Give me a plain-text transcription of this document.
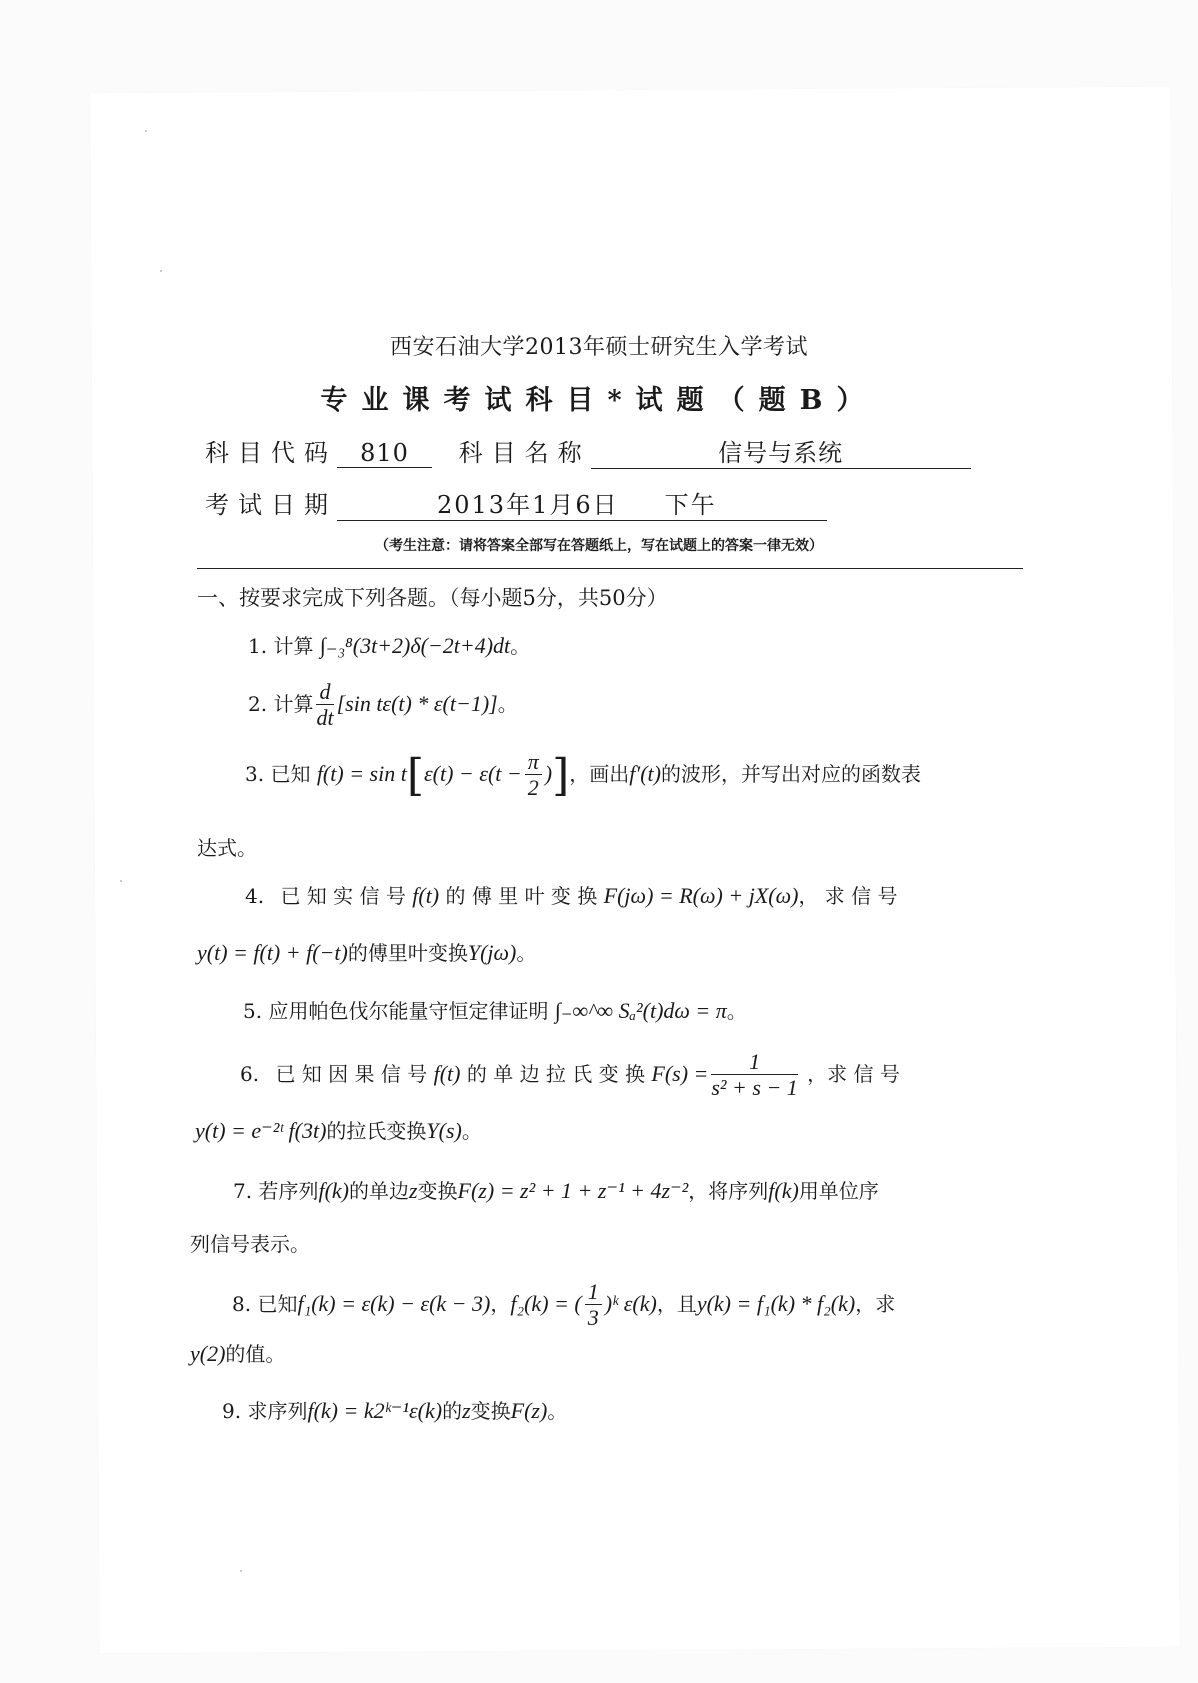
西安石油大学2013年硕士研究生入学考试
专业课考试科目*试题（题B）
科目代码 810 科目名称	信号与系统
考试日期	2013年1月6日 下午
（考生注意：请将答案全部写在答题纸上，写在试题上的答案一律无效）
一、按要求完成下列各题。（每小题5分，共50分）
1. 计算 ∫₋₃⁸(3t+2)δ(−2t+4)dt。
2. 计算 $\frac{d}{dt} [\sin$ tε(t) * ε(t−1)]。
3. 已知 $f(t) = \sin t[\varepsilon(t) - \varepsilon(t - \frac{\pi}{2}$ )]，画出f′(t)的波形，并写出对应的函数表
达式。
4. 已 知 实 信 号 f(t) 的 傅 里 叶 变 换 F(jω) = R(ω) + jX(ω)， 求 信 号
y(t) = f(t) + f(−t)的傅里叶变换Y(jω)。
5. 应用帕色伐尔能量守恒定律证明 ∫₋∞^∞ Sₐ²(t)dω = π。
6. 已 知 因 果 信 号 f(t) 的 单 边 拉 氏 变 换 $F(s) = \frac{1}{\text{s² + s − 1}}$ ，求 信 号
y(t) = e⁻²ᵗ f(3t)的拉氏变换Y(s)。
7. 若序列f(k)的单边z变换F(z) = z² + 1 + z⁻¹ + 4z⁻²，将序列f(k)用单位序
列信号表示。
8. 已知f₁(k) = ε(k) − ε(k − 3)，f₂(k) = ( $\frac{1}{3}$ )ᵏ ε(k)，且y(k) = f₁(k) * f₂(k)，求
y(2)的值。
9. 求序列f(k) = k2ᵏ⁻¹ε(k)的z变换F(z)。
